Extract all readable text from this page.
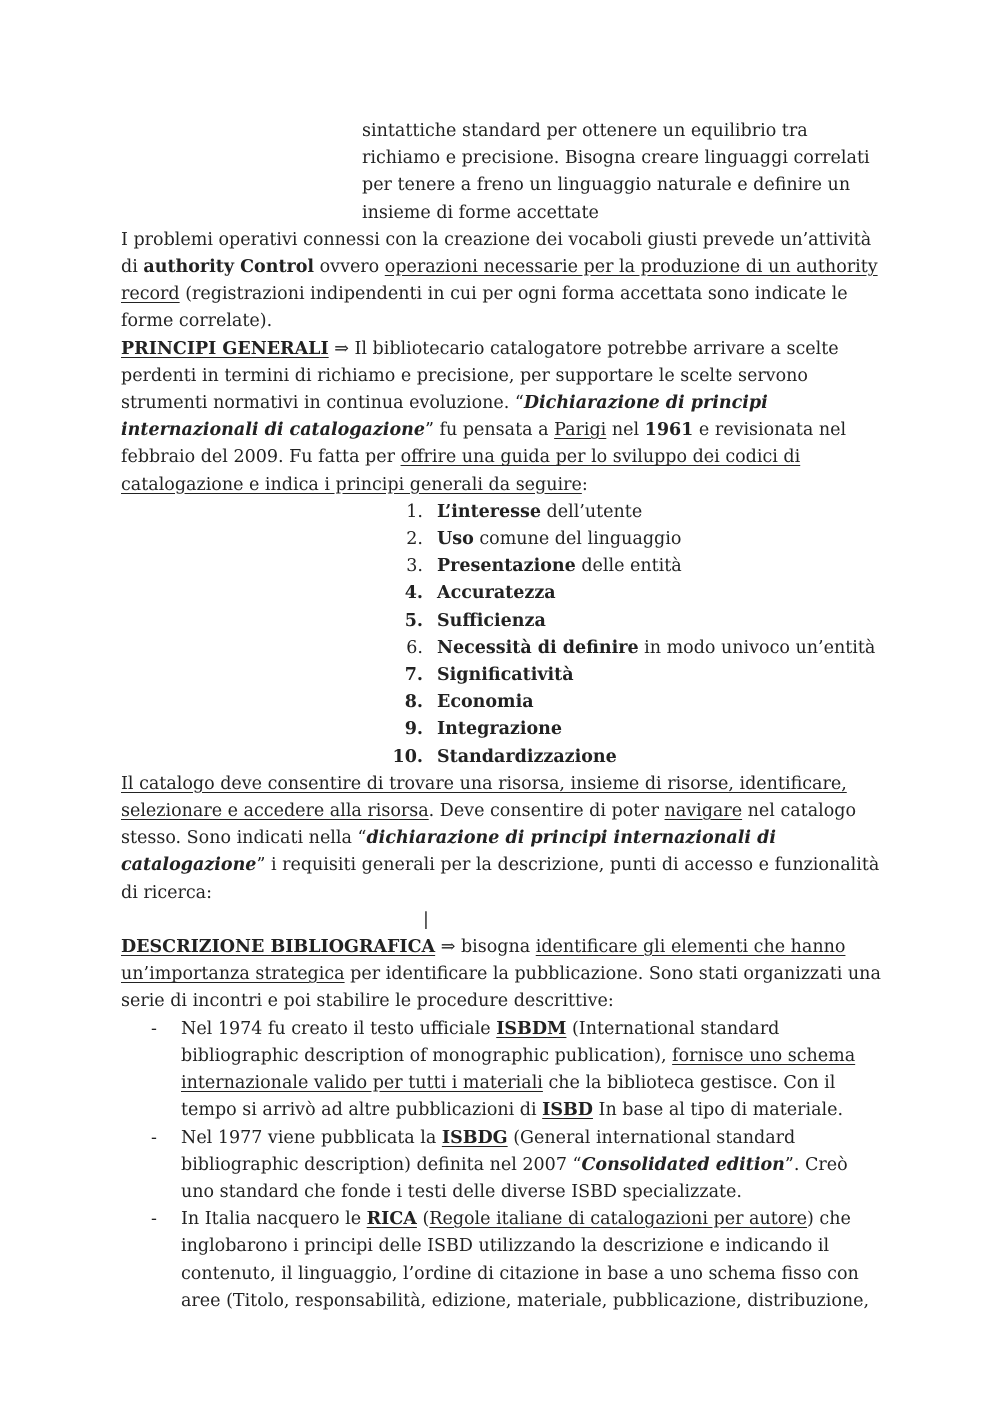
sintattiche standard per ottenere un equilibrio tra richiamo e precisione. Bisogna creare linguaggi correlati per tenere a freno un linguaggio naturale e definire un insieme di forme accettate

I problemi operativi connessi con la creazione dei vocaboli giusti prevede un’attività di authority Control ovvero operazioni necessarie per la produzione di un authority record (registrazioni indipendenti in cui per ogni forma accettata sono indicate le forme correlate).

PRINCIPI GENERALI ⇒ Il bibliotecario catalogatore potrebbe arrivare a scelte perdenti in termini di richiamo e precisione, per supportare le scelte servono strumenti normativi in continua evoluzione. “Dichiarazione di principi internazionali di catalogazione” fu pensata a Parigi nel 1961 e revisionata nel febbraio del 2009. Fu fatta per offrire una guida per lo sviluppo dei codici di catalogazione e indica i principi generali da seguire:

1. L’interesse dell’utente
2. Uso comune del linguaggio
3. Presentazione delle entità
4. Accuratezza
5. Sufficienza
6. Necessità di definire in modo univoco un’entità
7. Significatività
8. Economia
9. Integrazione
10. Standardizzazione

Il catalogo deve consentire di trovare una risorsa, insieme di risorse, identificare, selezionare e accedere alla risorsa. Deve consentire di poter navigare nel catalogo stesso. Sono indicati nella “dichiarazione di principi internazionali di catalogazione” i requisiti generali per la descrizione, punti di accesso e funzionalità di ricerca:

|

DESCRIZIONE BIBLIOGRAFICA ⇒ bisogna identificare gli elementi che hanno un’importanza strategica per identificare la pubblicazione. Sono stati organizzati una serie di incontri e poi stabilire le procedure descrittive:

- Nel 1974 fu creato il testo ufficiale ISBDM (International standard bibliographic description of monographic publication), fornisce uno schema internazionale valido per tutti i materiali che la biblioteca gestisce. Con il tempo si arrivò ad altre pubblicazioni di ISBD In base al tipo di materiale.
- Nel 1977 viene pubblicata la ISBDG (General international standard bibliographic description) definita nel 2007 “Consolidated edition”. Creò uno standard che fonde i testi delle diverse ISBD specializzate.
- In Italia nacquero le RICA (Regole italiane di catalogazioni per autore) che inglobarono i principi delle ISBD utilizzando la descrizione e indicando il contenuto, il linguaggio, l’ordine di citazione in base a uno schema fisso con aree (Titolo, responsabilità, edizione, materiale, pubblicazione, distribuzione,
